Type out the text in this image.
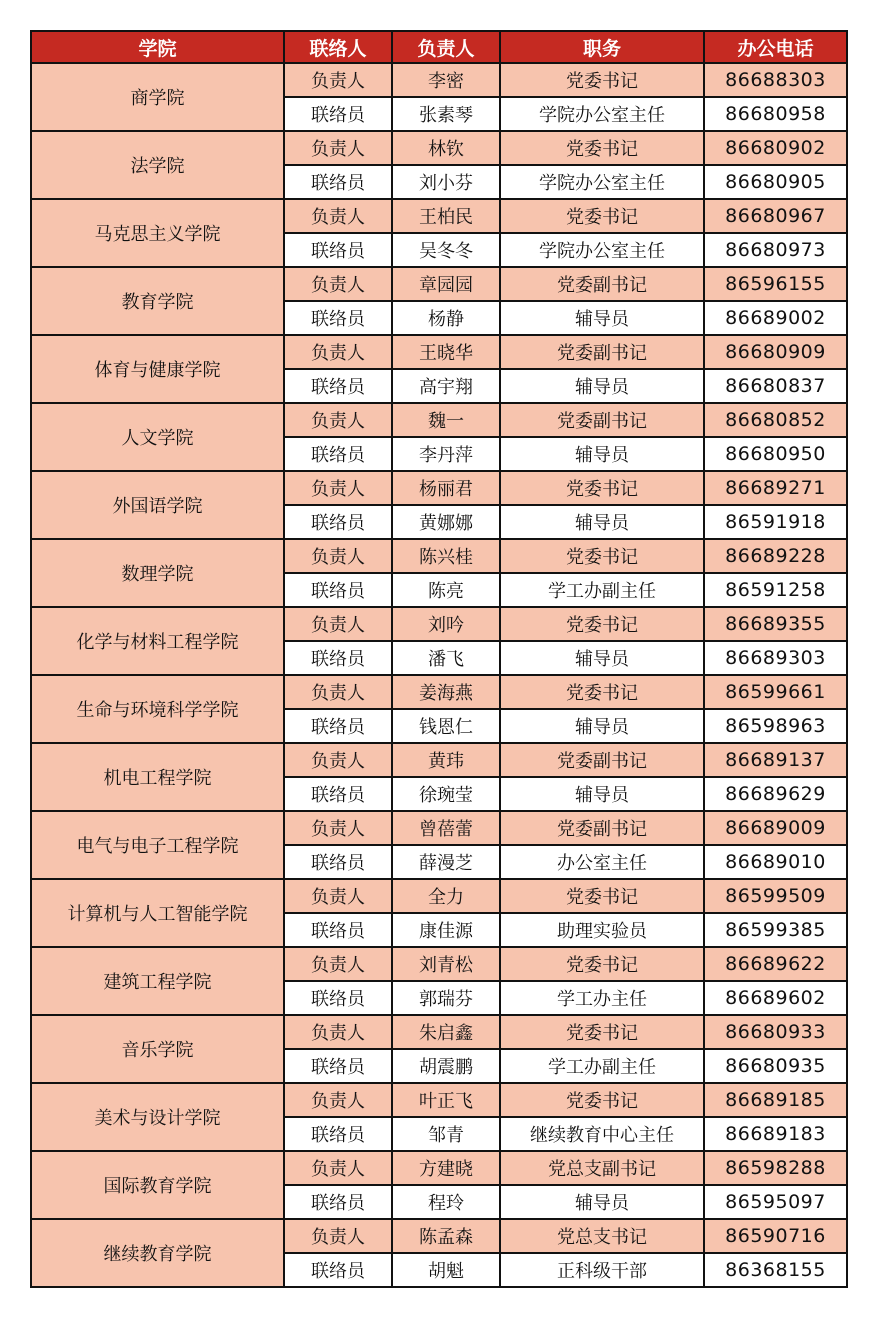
学院	联络人	负责人	职务	办公电话
商学院	负责人	李密	党委书记	86688303
	联络员	张素琴	学院办公室主任	86680958
法学院	负责人	林钦	党委书记	86680902
	联络员	刘小芬	学院办公室主任	86680905
马克思主义学院	负责人	王柏民	党委书记	86680967
	联络员	吴冬冬	学院办公室主任	86680973
教育学院	负责人	章园园	党委副书记	86596155
	联络员	杨静	辅导员	86689002
体育与健康学院	负责人	王晓华	党委副书记	86680909
	联络员	高宇翔	辅导员	86680837
人文学院	负责人	魏一	党委副书记	86680852
	联络员	李丹萍	辅导员	86680950
外国语学院	负责人	杨丽君	党委书记	86689271
	联络员	黄娜娜	辅导员	86591918
数理学院	负责人	陈兴桂	党委书记	86689228
	联络员	陈亮	学工办副主任	86591258
化学与材料工程学院	负责人	刘吟	党委书记	86689355
	联络员	潘飞	辅导员	86689303
生命与环境科学学院	负责人	姜海燕	党委书记	86599661
	联络员	钱恩仁	辅导员	86598963
机电工程学院	负责人	黄玮	党委副书记	86689137
	联络员	徐琬莹	辅导员	86689629
电气与电子工程学院	负责人	曾蓓蕾	党委副书记	86689009
	联络员	薛漫芝	办公室主任	86689010
计算机与人工智能学院	负责人	全力	党委书记	86599509
	联络员	康佳源	助理实验员	86599385
建筑工程学院	负责人	刘青松	党委书记	86689622
	联络员	郭瑞芬	学工办主任	86689602
音乐学院	负责人	朱启鑫	党委书记	86680933
	联络员	胡震鹏	学工办副主任	86680935
美术与设计学院	负责人	叶正飞	党委书记	86689185
	联络员	邹青	继续教育中心主任	86689183
国际教育学院	负责人	方建晓	党总支副书记	86598288
	联络员	程玲	辅导员	86595097
继续教育学院	负责人	陈孟森	党总支书记	86590716
	联络员	胡魁	正科级干部	86368155
